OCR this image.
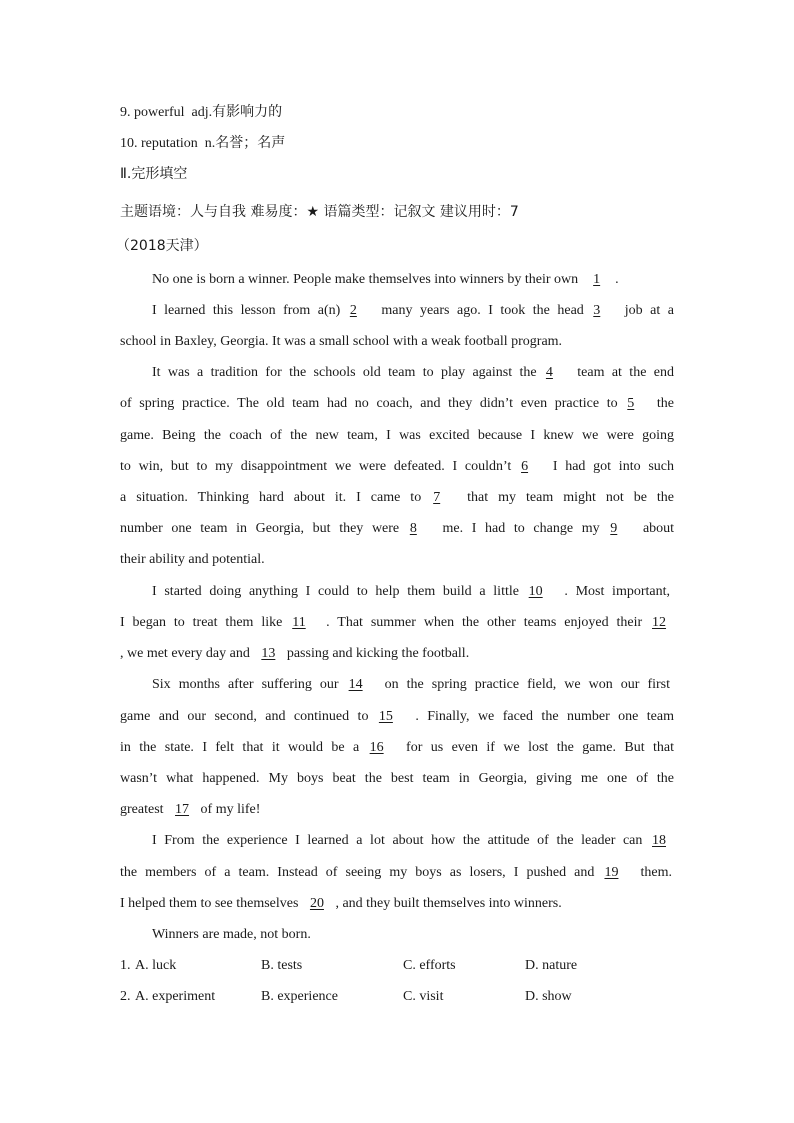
9. powerful adj.有影响力的
10. reputation n.名誉；名声
Ⅱ.完形填空
主题语境：人与自我 难易度：★ 语篇类型：记叙文 建议用时：7
（2018天津）
No one is born a winner. People make themselves into winners by their own 1 .
I learned this lesson from a(n) 2 many years ago. I took the head 3 job at a
school in Baxley, Georgia. It was a small school with a weak football program.
It was a tradition for the schools old team to play against the 4 team at the end
of spring practice. The old team had no coach, and they didn’t even practice to 5 the
game. Being the coach of the new team, I was excited because I knew we were going
to win, but to my disappointment we were defeated. I couldn’t 6 I had got into such
a situation. Thinking hard about it. I came to 7 that my team might not be the
number one team in Georgia, but they were 8 me. I had to change my 9 about
their ability and potential.
I started doing anything I could to help them build a little 10 . Most important,
I began to treat them like 11 . That summer when the other teams enjoyed their 12
, we met every day and 13 passing and kicking the football.
Six months after suffering our 14 on the spring practice field, we won our first
game and our second, and continued to 15 . Finally, we faced the number one team
in the state. I felt that it would be a 16 for us even if we lost the game. But that
wasn’t what happened. My boys beat the best team in Georgia, giving me one of the
greatest 17 of my life!
I From the experience I learned a lot about how the attitude of the leader can 18
the members of a team. Instead of seeing my boys as losers, I pushed and 19 them.
I helped them to see themselves 20 , and they built themselves into winners.
Winners are made, not born.
1. A. luck	B. tests	C. efforts	D. nature
2. A. experiment	B. experience	C. visit	D. show
